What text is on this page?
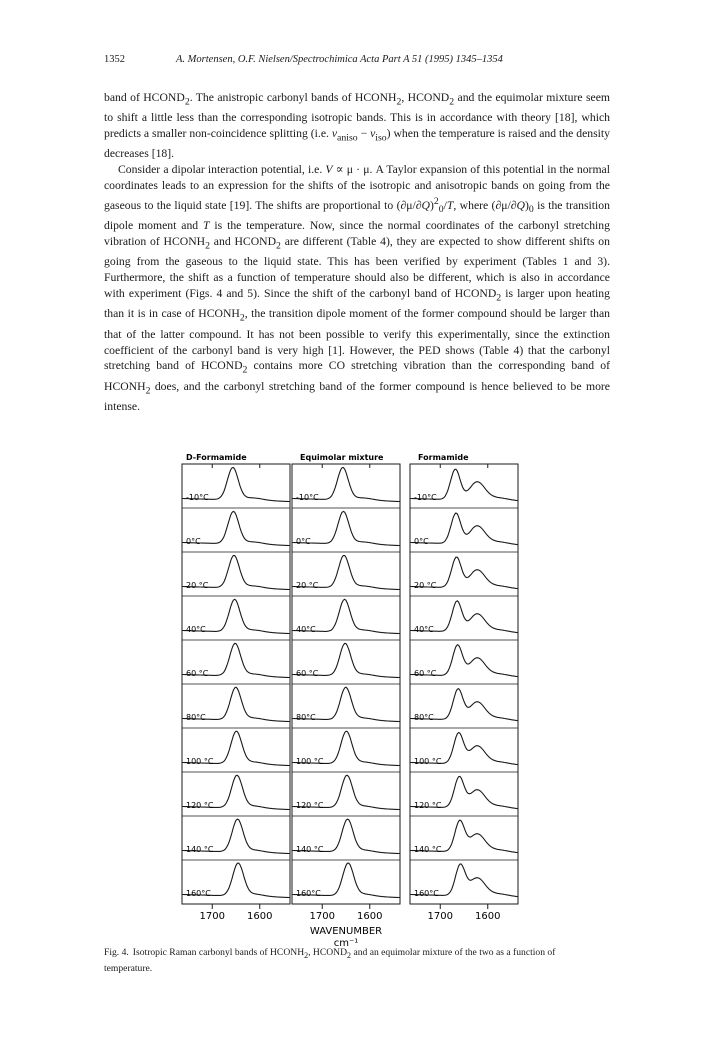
1352	A. Mortensen, O.F. Nielsen/Spectrochimica Acta Part A 51 (1995) 1345–1354

band of $HCOND_2$. The anistropic carbonyl bands of $HCONH_2$, $HCOND_2$ and the equimolar mixture seem to shift a little less than the corresponding isotropic bands. This is in accordance with theory [18], which predicts a smaller non-coincidence splitting (i.e. $\nu_{aniso} - \nu_{iso}$) when the temperature is raised and the density decreases [18].

Consider a dipolar interaction potential, i.e. V ∝ μ · μ. A Taylor expansion of this potential in the normal coordinates leads to an expression for the shifts of the isotropic and anisotropic bands on going from the gaseous to the liquid state [19]. The shifts are proportional to $(\partial\mu/\partial Q)^2_0/T$, where $(\partial\mu/\partial Q)_0$ is the transition dipole moment and T is the temperature. Now, since the normal coordinates of the carbonyl stretching vibration of $HCONH_2$ and $HCOND_2$ are different (Table 4), they are expected to show different shifts on going from the gaseous to the liquid state. This has been verified by experiment (Tables 1 and 3). Furthermore, the shift as a function of temperature should also be different, which is also in accordance with experiment (Figs. 4 and 5). Since the shift of the carbonyl band of $HCOND_2$ is larger upon heating than it is in case of $HCONH_2$, the transition dipole moment of the former compound should be larger than that of the latter compound. It has not been possible to verify this experimentally, since the extinction coefficient of the carbonyl band is very high [1]. However, the PED shows (Table 4) that the carbonyl stretching band of $HCOND_2$ contains more CO stretching vibration than the corresponding band of $HCONH_2$ does, and the carbonyl stretching band of the former compound is hence believed to be more intense.

D-Formamide	Equimolar mixture	Formamide
-10°C
0°C
20 °C
40°C
60 °C
80°C
100 °C
120 °C
140 °C
160°C
1700 1600
-10°C
0°C
20 °C
40°C
60 °C
80°C
100 °C
120 °C
140 °C
160°C
1700 1600
-10°C
0°C
20 °C
40°C
60 °C
80°C
100 °C
120 °C
140 °C
160°C
1700 1600
WAVENUMBER
cm⁻¹
Fig. 4. Isotropic Raman carbonyl bands of $HCONH_2$, $HCOND_2$ and an equimolar mixture of the two as a function of temperature.
